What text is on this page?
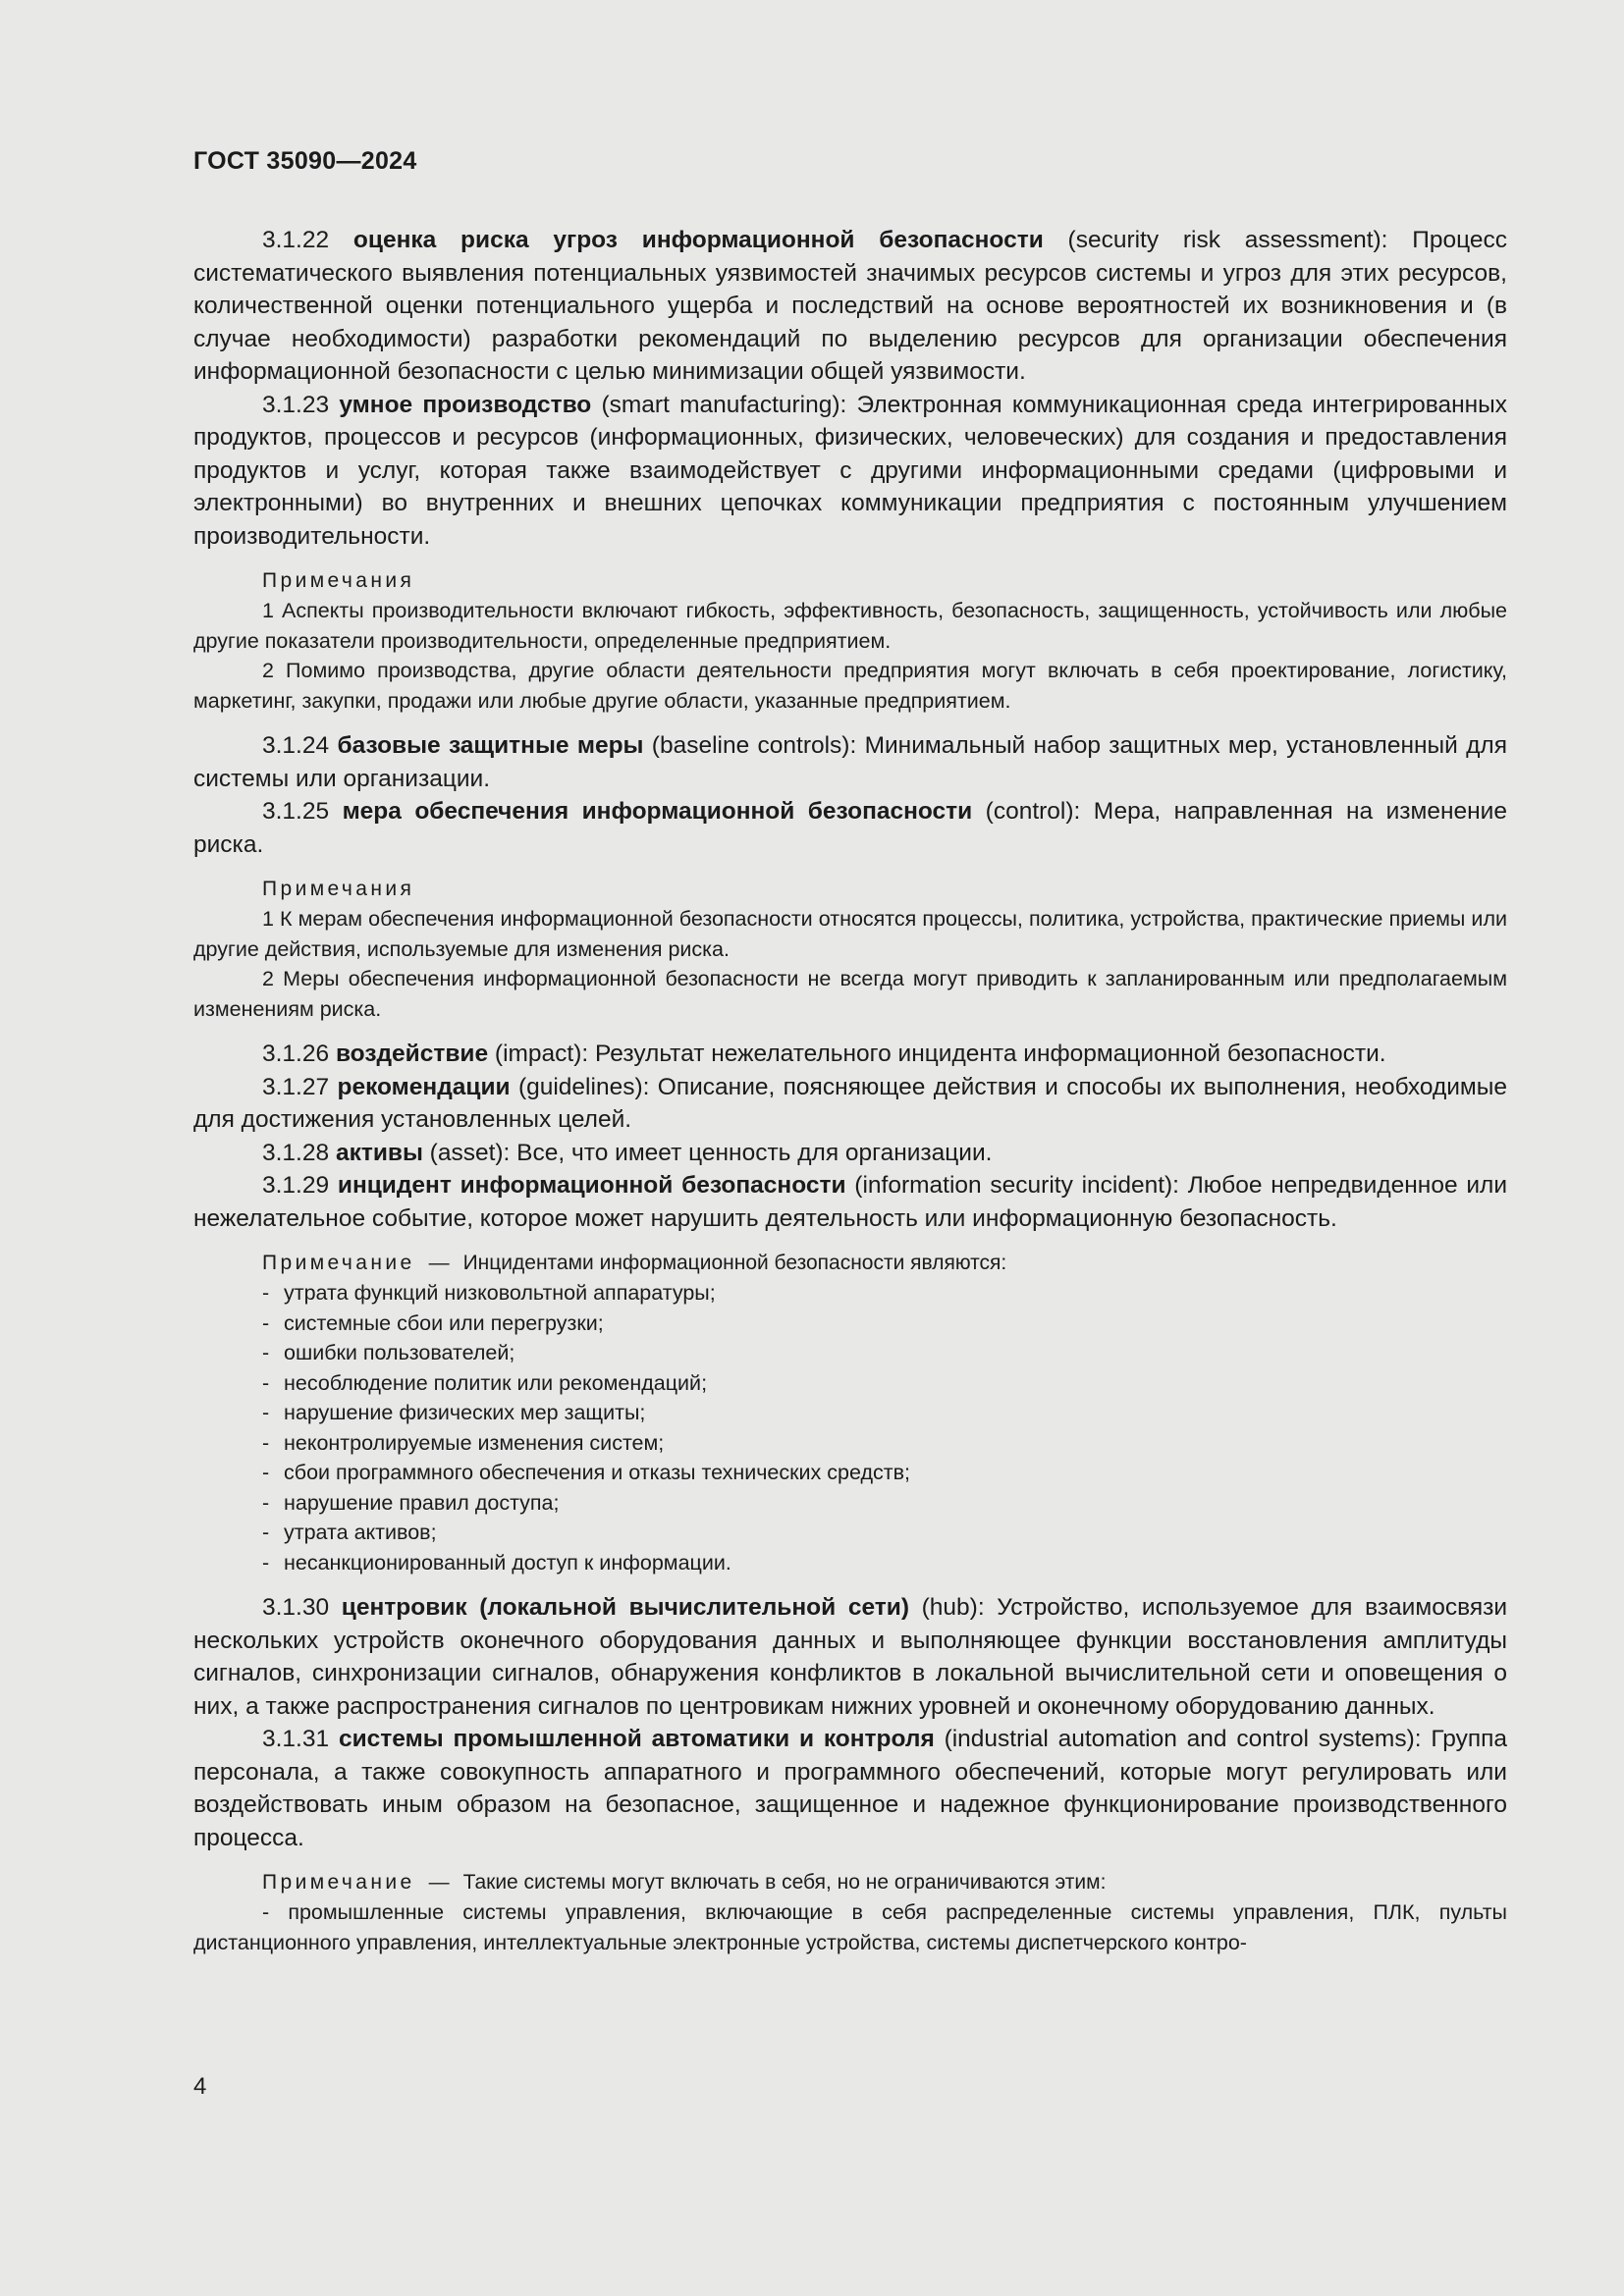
ГОСТ 35090—2024

3.1.22 оценка риска угроз информационной безопасности (security risk assessment): Процесс систематического выявления потенциальных уязвимостей значимых ресурсов системы и угроз для этих ресурсов, количественной оценки потенциального ущерба и последствий на основе вероятностей их возникновения и (в случае необходимости) разработки рекомендаций по выделению ресурсов для организации обеспечения информационной безопасности с целью минимизации общей уязвимости.

3.1.23 умное производство (smart manufacturing): Электронная коммуникационная среда интегрированных продуктов, процессов и ресурсов (информационных, физических, человеческих) для создания и предоставления продуктов и услуг, которая также взаимодействует с другими информационными средами (цифровыми и электронными) во внутренних и внешних цепочках коммуникации предприятия с постоянным улучшением производительности.

Примечания

1 Аспекты производительности включают гибкость, эффективность, безопасность, защищенность, устойчивость или любые другие показатели производительности, определенные предприятием.

2 Помимо производства, другие области деятельности предприятия могут включать в себя проектирование, логистику, маркетинг, закупки, продажи или любые другие области, указанные предприятием.

3.1.24 базовые защитные меры (baseline controls): Минимальный набор защитных мер, установленный для системы или организации.

3.1.25 мера обеспечения информационной безопасности (control): Мера, направленная на изменение риска.

Примечания

1 К мерам обеспечения информационной безопасности относятся процессы, политика, устройства, практические приемы или другие действия, используемые для изменения риска.

2 Меры обеспечения информационной безопасности не всегда могут приводить к запланированным или предполагаемым изменениям риска.

3.1.26 воздействие (impact): Результат нежелательного инцидента информационной безопасности.

3.1.27 рекомендации (guidelines): Описание, поясняющее действия и способы их выполнения, необходимые для достижения установленных целей.

3.1.28 активы (asset): Все, что имеет ценность для организации.

3.1.29 инцидент информационной безопасности (information security incident): Любое непредвиденное или нежелательное событие, которое может нарушить деятельность или информационную безопасность.

Примечание — Инцидентами информационной безопасности являются:
- утрата функций низковольтной аппаратуры;
- системные сбои или перегрузки;
- ошибки пользователей;
- несоблюдение политик или рекомендаций;
- нарушение физических мер защиты;
- неконтролируемые изменения систем;
- сбои программного обеспечения и отказы технических средств;
- нарушение правил доступа;
- утрата активов;
- несанкционированный доступ к информации.

3.1.30 центровик (локальной вычислительной сети) (hub): Устройство, используемое для взаимосвязи нескольких устройств оконечного оборудования данных и выполняющее функции восстановления амплитуды сигналов, синхронизации сигналов, обнаружения конфликтов в локальной вычислительной сети и оповещения о них, а также распространения сигналов по центровикам нижних уровней и оконечному оборудованию данных.

3.1.31 системы промышленной автоматики и контроля (industrial automation and control systems): Группа персонала, а также совокупность аппаратного и программного обеспечений, которые могут регулировать или воздействовать иным образом на безопасное, защищенное и надежное функционирование производственного процесса.

Примечание — Такие системы могут включать в себя, но не ограничиваются этим:

- промышленные системы управления, включающие в себя распределенные системы управления, ПЛК, пульты дистанционного управления, интеллектуальные электронные устройства, системы диспетчерского контро-

4
